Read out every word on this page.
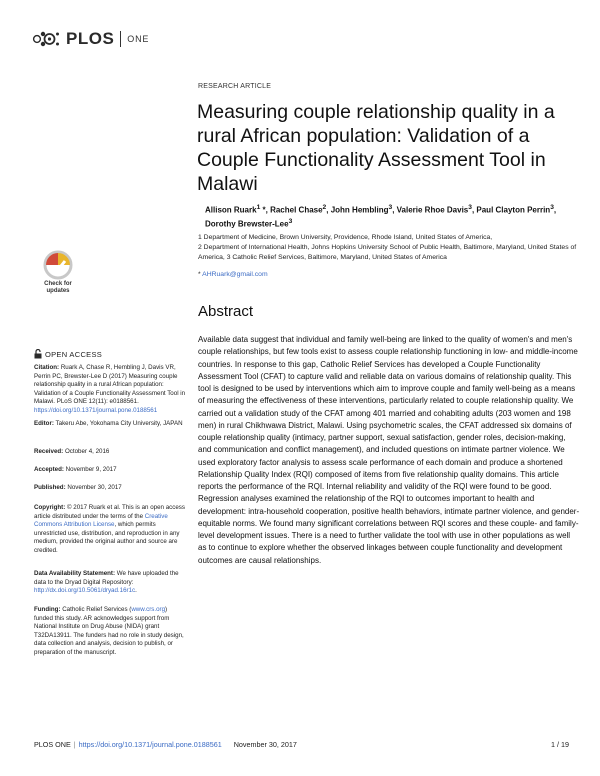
PLOS ONE
Check for updates
OPEN ACCESS
Citation: Ruark A, Chase R, Hembling J, Davis VR, Perrin PC, Brewster-Lee D (2017) Measuring couple relationship quality in a rural African population: Validation of a Couple Functionality Assessment Tool in Malawi. PLoS ONE 12(11): e0188561. https://doi.org/10.1371/journal.pone.0188561
Editor: Takeru Abe, Yokohama City University, JAPAN
Received: October 4, 2016
Accepted: November 9, 2017
Published: November 30, 2017
Copyright: © 2017 Ruark et al. This is an open access article distributed under the terms of the Creative Commons Attribution License, which permits unrestricted use, distribution, and reproduction in any medium, provided the original author and source are credited.
Data Availability Statement: We have uploaded the data to the Dryad Digital Repository: http://dx.doi.org/10.5061/dryad.16r1c.
Funding: Catholic Relief Services (www.crs.org) funded this study. AR acknowledges support from National Institute on Drug Abuse (NIDA) grant T32DA13911. The funders had no role in study design, data collection and analysis, decision to publish, or preparation of the manuscript.
RESEARCH ARTICLE
Measuring couple relationship quality in a rural African population: Validation of a Couple Functionality Assessment Tool in Malawi
Allison Ruark$^1$ *, Rachel Chase$^2$, John Hembling$^3$, Valerie Rhoe Davis$^3$, Paul Clayton Perrin$^3$, Dorothy Brewster-Lee$^3$
1 Department of Medicine, Brown University, Providence, Rhode Island, United States of America,
2 Department of International Health, Johns Hopkins University School of Public Health, Baltimore, Maryland, United States of America, 3 Catholic Relief Services, Baltimore, Maryland, United States of America
* AHRuark@gmail.com
Abstract

Available data suggest that individual and family well-being are linked to the quality of women's and men's couple relationships, but few tools exist to assess couple relationship functioning in low- and middle-income countries. In response to this gap, Catholic Relief Services has developed a Couple Functionality Assessment Tool (CFAT) to capture valid and reliable data on various domains of relationship quality. This tool is designed to be used by interventions which aim to improve couple and family well-being as a means of measuring the effectiveness of these interventions, particularly related to couple relationship quality. We carried out a validation study of the CFAT among 401 married and cohabiting adults (203 women and 198 men) in rural Chikhwawa District, Malawi. Using psychometric scales, the CFAT addressed six domains of couple relationship quality (intimacy, partner support, sexual satisfaction, gender roles, decision-making, and communication and conflict management), and included questions on intimate partner violence. We used exploratory factor analysis to assess scale performance of each domain and produce a shortened Relationship Quality Index (RQI) composed of items from five relationship quality domains. This article reports the performance of the RQI. Internal reliability and validity of the RQI were found to be good. Regression analyses examined the relationship of the RQI to outcomes important to health and development: intra-household cooperation, positive health behaviors, intimate partner violence, and gender-equitable norms. We found many significant correlations between RQI scores and these couple- and family-level development issues. There is a need to further validate the tool with use in other populations as well as to continue to explore whether the observed linkages between couple functionality and development outcomes are causal relationships.

PLOS ONE | https://doi.org/10.1371/journal.pone.0188561 November 30, 2017	1 / 19
